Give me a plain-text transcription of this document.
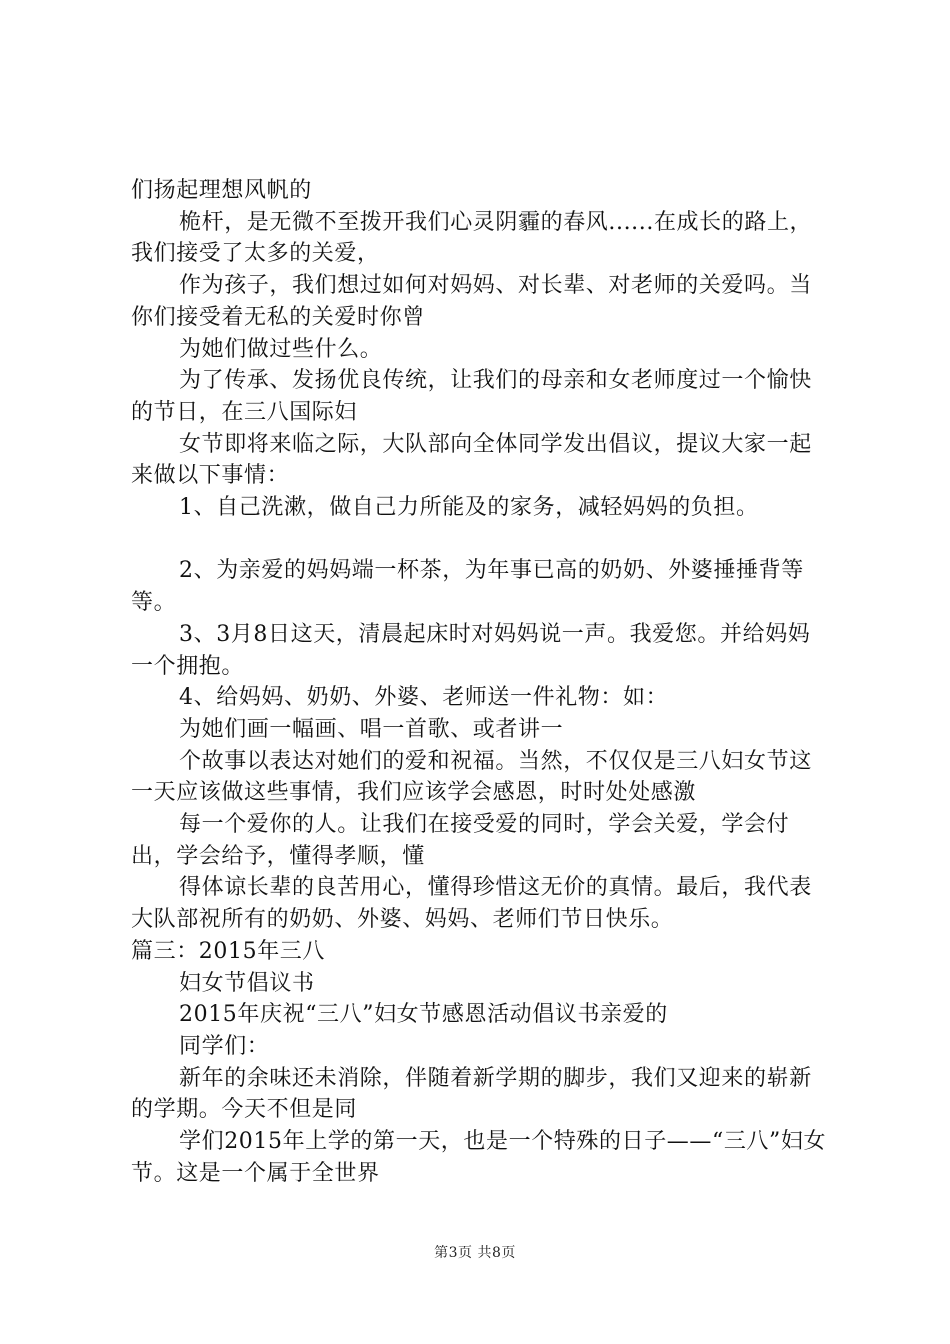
们扬起理想风帆的

桅杆，是无微不至拨开我们心灵阴霾的春风......在成长的路上，我们接受了太多的关爱，

作为孩子，我们想过如何对妈妈、对长辈、对老师的关爱吗。当你们接受着无私的关爱时你曾

为她们做过些什么。

为了传承、发扬优良传统，让我们的母亲和女老师度过一个愉快的节日，在三八国际妇

女节即将来临之际，大队部向全体同学发出倡议，提议大家一起来做以下事情：

1、自己洗漱，做自己力所能及的家务，减轻妈妈的负担。

2、为亲爱的妈妈端一杯茶，为年事已高的奶奶、外婆捶捶背等等。

3、3月8日这天，清晨起床时对妈妈说一声。我爱您。并给妈妈一个拥抱。

4、给妈妈、奶奶、外婆、老师送一件礼物：如：

为她们画一幅画、唱一首歌、或者讲一

个故事以表达对她们的爱和祝福。当然，不仅仅是三八妇女节这一天应该做这些事情，我们应该学会感恩，时时处处感激

每一个爱你的人。让我们在接受爱的同时，学会关爱，学会付出，学会给予，懂得孝顺，懂

得体谅长辈的良苦用心，懂得珍惜这无价的真情。最后，我代表大队部祝所有的奶奶、外婆、妈妈、老师们节日快乐。

篇三：2015年三八

妇女节倡议书

2015年庆祝“三八”妇女节感恩活动倡议书亲爱的

同学们：

新年的余味还未消除，伴随着新学期的脚步，我们又迎来的崭新的学期。今天不但是同

学们2015年上学的第一天，也是一个特殊的日子——“三八”妇女节。这是一个属于全世界

第3页 共8页
